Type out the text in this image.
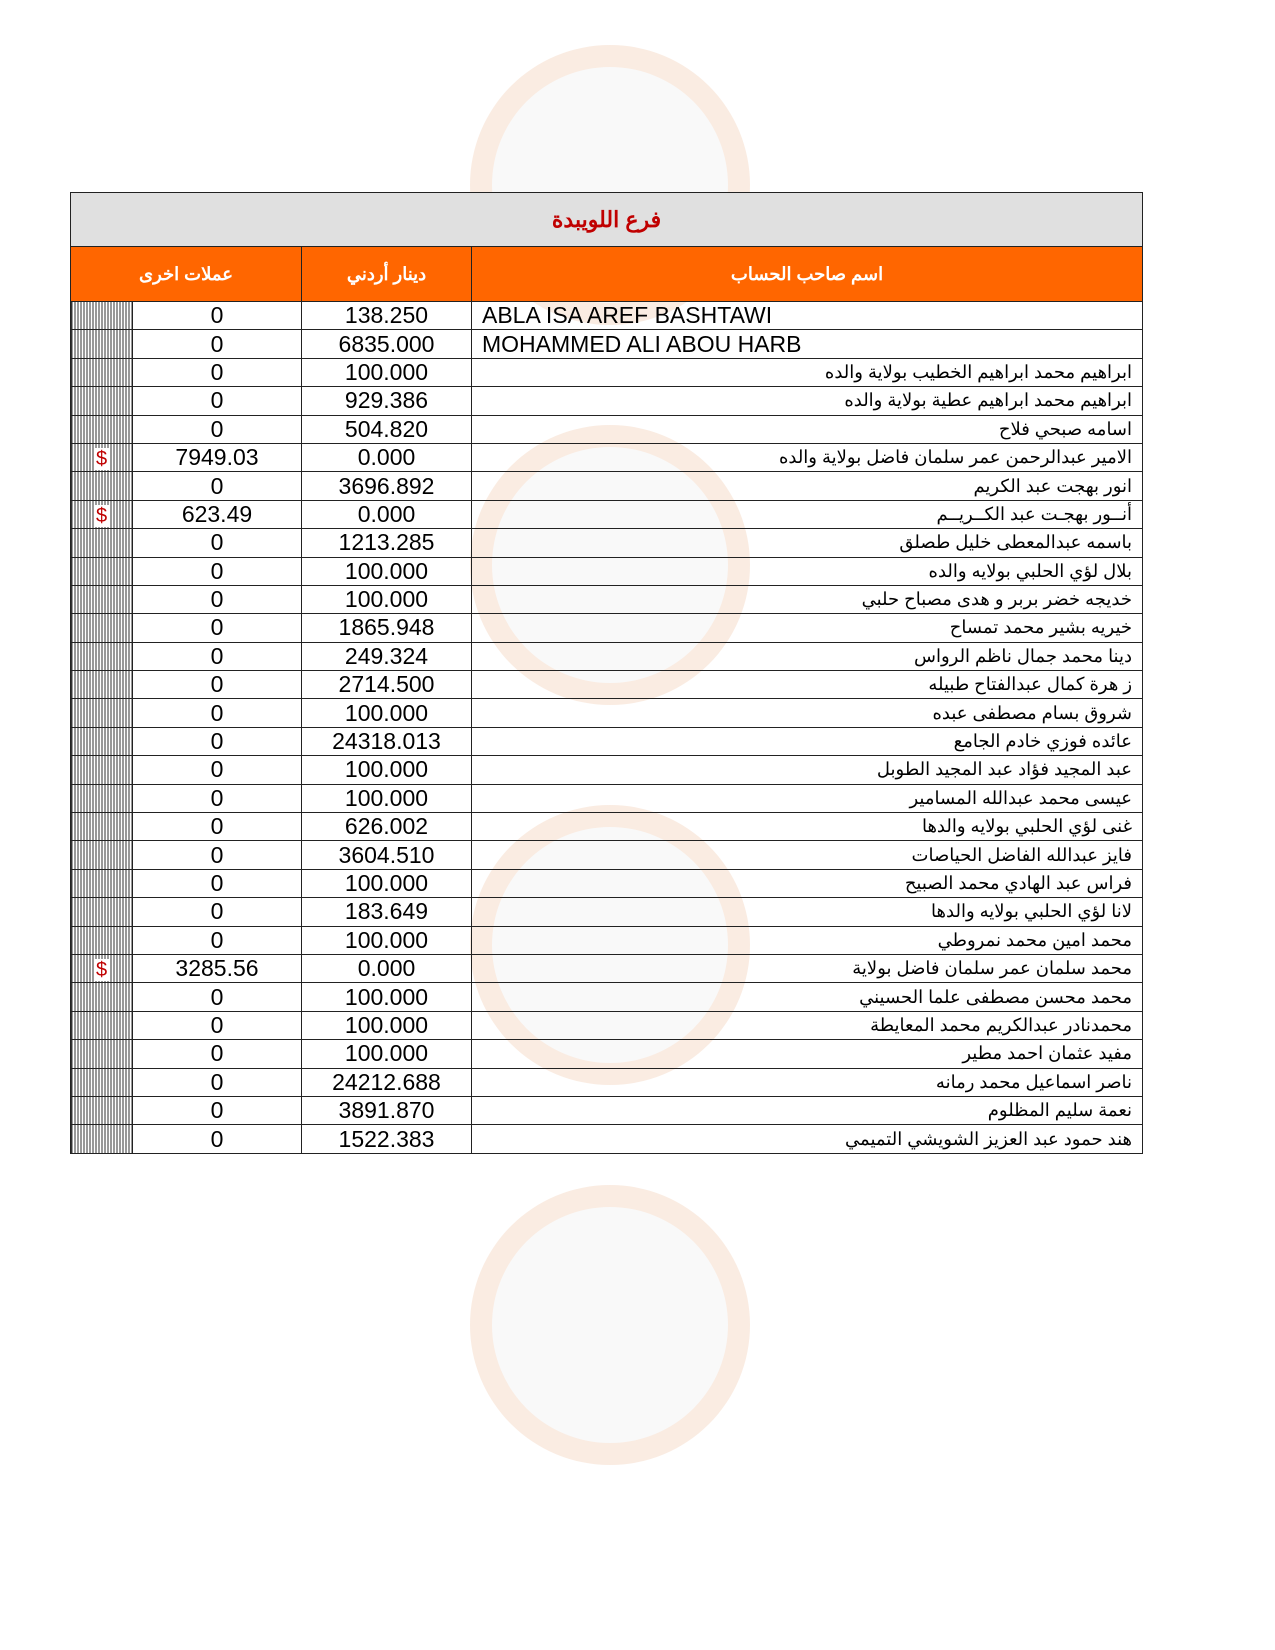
فرع اللويبدة			
عملات اخرى		دينار أردني	اسم صاحب الحساب
	0	138.250	ABLA ISA AREF BASHTAWI
	0	6835.000	MOHAMMED ALI ABOU HARB
	0	100.000	ابراهيم محمد ابراهيم الخطيب بولاية والده
	0	929.386	ابراهيم محمد ابراهيم عطية بولاية والده
	0	504.820	اسامه صبحي فلاح
$	7949.03	0.000	الامير عبدالرحمن عمر سلمان فاضل بولاية والده
	0	3696.892	انور بهجت عبد الكريم
$	623.49	0.000	أنــور بهجـت عبد الكــريــم
	0	1213.285	باسمه عبدالمعطى خليل طصلق
	0	100.000	بلال لؤي الحلبي بولايه والده
	0	100.000	خديجه خضر بربر و هدى مصباح حلبي
	0	1865.948	خيريه بشير محمد تمساح
	0	249.324	دينا محمد جمال ناظم الرواس
	0	2714.500	ز هرة كمال عبدالفتاح طبيله
	0	100.000	شروق بسام مصطفى عبده
	0	24318.013	عائده فوزي خادم الجامع
	0	100.000	عبد المجيد فؤاد عبد المجيد الطوبل
	0	100.000	عيسى محمد عبدالله المسامير
	0	626.002	غنى لؤي الحلبي بولايه والدها
	0	3604.510	فايز عبدالله الفاضل الحياصات
	0	100.000	فراس عبد الهادي محمد الصبيح
	0	183.649	لانا لؤي الحلبي بولايه والدها
	0	100.000	محمد امين محمد نمروطي
$	3285.56	0.000	محمد سلمان عمر سلمان فاضل بولاية
	0	100.000	محمد محسن مصطفى علما الحسيني
	0	100.000	محمدنادر عبدالكريم محمد المعايطة
	0	100.000	مفيد عثمان احمد مطير
	0	24212.688	ناصر اسماعيل محمد رمانه
	0	3891.870	نعمة سليم المظلوم
	0	1522.383	هند حمود عبد العزيز الشويشي التميمي
